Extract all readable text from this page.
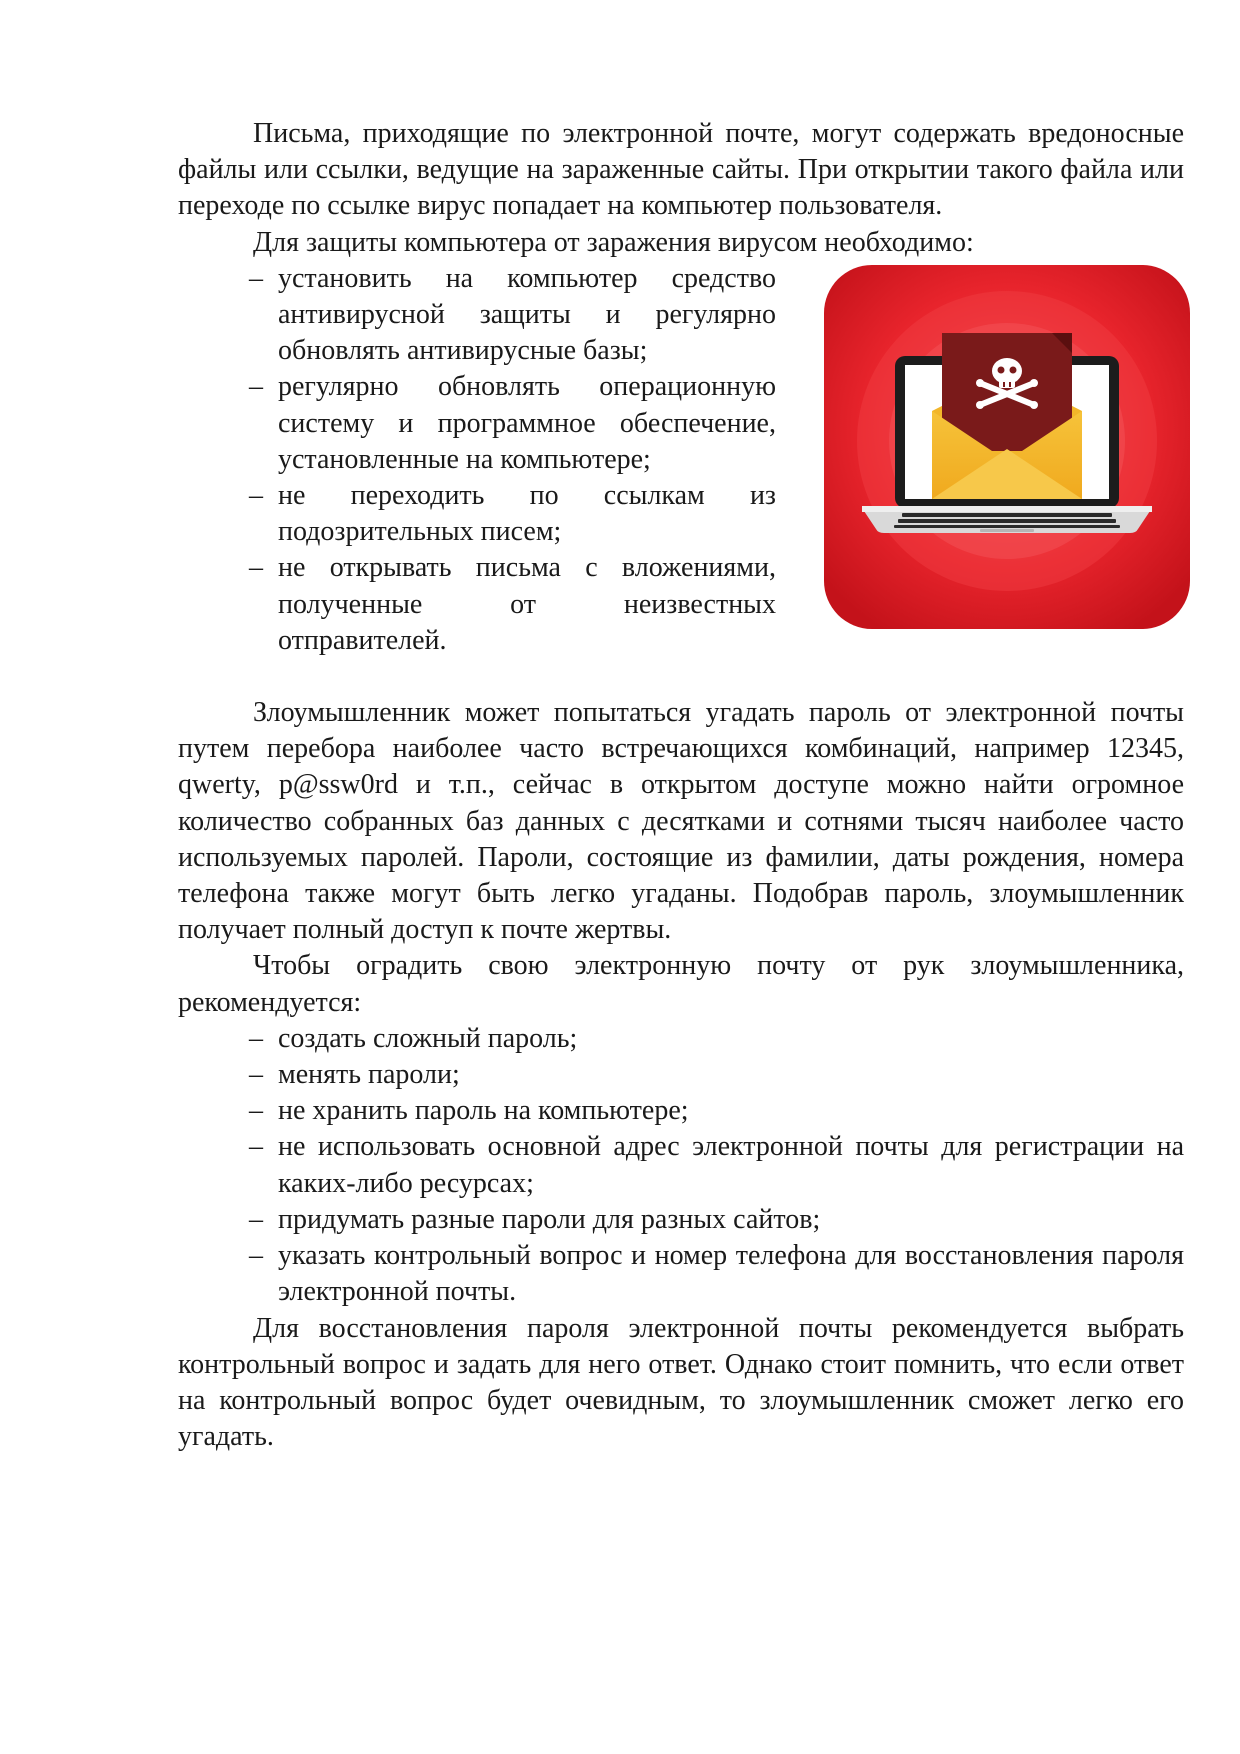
Письма, приходящие по электронной почте, могут содержать вредоносные файлы или ссылки, ведущие на зараженные сайты. При открытии такого файла или переходе по ссылке вирус попадает на компьютер пользователя.

Для защиты компьютера от заражения вирусом необходимо:

– установить на компьютер средство антивирусной защиты и регулярно обновлять антивирусные базы;
– регулярно обновлять операционную систему и программное обеспечение, установленные на компьютере;
– не переходить по ссылкам из подозрительных писем;
– не открывать письма с вложениями, полученные от неизвестных отправителей.

Злоумышленник может попытаться угадать пароль от электронной почты путем перебора наиболее часто встречающихся комбинаций, например 12345, qwerty, p@ssw0rd и т.п., сейчас в открытом доступе можно найти огромное количество собранных баз данных с десятками и сотнями тысяч наиболее часто используемых паролей. Пароли, состоящие из фамилии, даты рождения, номера телефона также могут быть легко угаданы. Подобрав пароль, злоумышленник получает полный доступ к почте жертвы.

Чтобы оградить свою электронную почту от рук злоумышленника, рекомендуется:

– создать сложный пароль;
– менять пароли;
– не хранить пароль на компьютере;
– не использовать основной адрес электронной почты для регистрации на каких-либо ресурсах;
– придумать разные пароли для разных сайтов;
– указать контрольный вопрос и номер телефона для восстановления пароля электронной почты.

Для восстановления пароля электронной почты рекомендуется выбрать контрольный вопрос и задать для него ответ. Однако стоит помнить, что если ответ на контрольный вопрос будет очевидным, то злоумышленник сможет легко его угадать.
